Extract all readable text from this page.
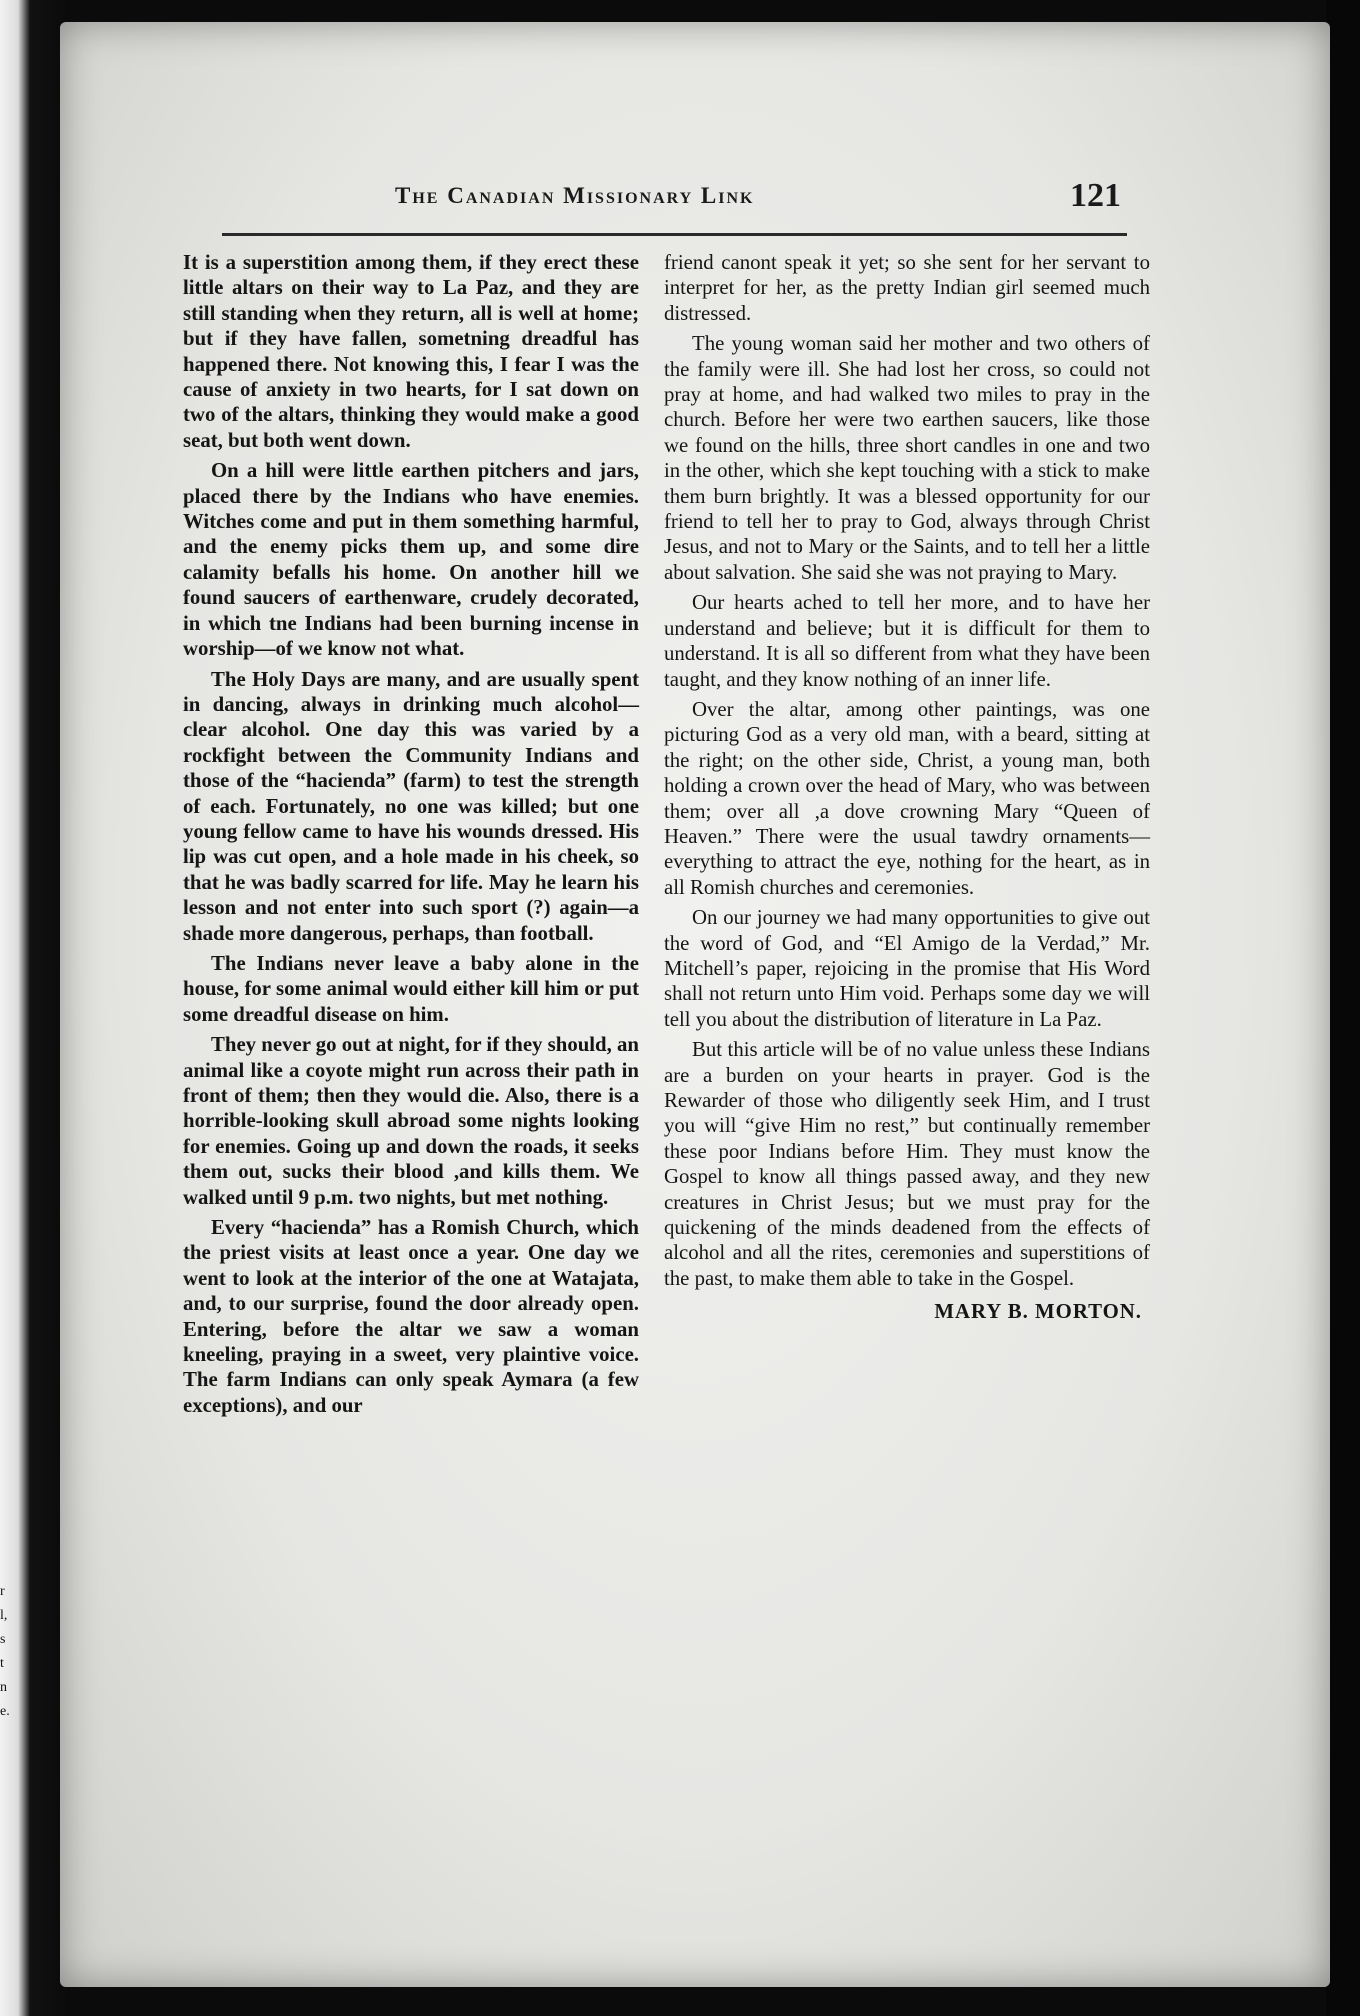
r
l,
s
t
n
e.
The Canadian Missionary Link	121

It is a superstition among them, if they erect these little altars on their way to La Paz, and they are still standing when they return, all is well at home; but if they have fallen, sometning dreadful has happened there. Not knowing this, I fear I was the cause of anxiety in two hearts, for I sat down on two of the altars, thinking they would make a good seat, but both went down.

On a hill were little earthen pitchers and jars, placed there by the Indians who have enemies. Witches come and put in them something harmful, and the enemy picks them up, and some dire calamity befalls his home. On another hill we found saucers of earthenware, crudely decorated, in which tne Indians had been burning incense in worship—of we know not what.

The Holy Days are many, and are usually spent in dancing, always in drinking much alcohol—clear alcohol. One day this was varied by a rockfight between the Community Indians and those of the “hacienda” (farm) to test the strength of each. Fortunately, no one was killed; but one young fellow came to have his wounds dressed. His lip was cut open, and a hole made in his cheek, so that he was badly scarred for life. May he learn his lesson and not enter into such sport (?) again—a shade more dangerous, perhaps, than football.

The Indians never leave a baby alone in the house, for some animal would either kill him or put some dreadful disease on him.

They never go out at night, for if they should, an animal like a coyote might run across their path in front of them; then they would die. Also, there is a horrible-looking skull abroad some nights looking for enemies. Going up and down the roads, it seeks them out, sucks their blood ,and kills them. We walked until 9 p.m. two nights, but met nothing.

Every “hacienda” has a Romish Church, which the priest visits at least once a year. One day we went to look at the interior of the one at Watajata, and, to our surprise, found the door already open. Entering, before the altar we saw a woman kneeling, praying in a sweet, very plaintive voice. The farm Indians can only speak Aymara (a few exceptions), and our

friend canont speak it yet; so she sent for her servant to interpret for her, as the pretty Indian girl seemed much distressed.

The young woman said her mother and two others of the family were ill. She had lost her cross, so could not pray at home, and had walked two miles to pray in the church. Before her were two earthen saucers, like those we found on the hills, three short candles in one and two in the other, which she kept touching with a stick to make them burn brightly. It was a blessed opportunity for our friend to tell her to pray to God, always through Christ Jesus, and not to Mary or the Saints, and to tell her a little about salvation. She said she was not praying to Mary.

Our hearts ached to tell her more, and to have her understand and believe; but it is difficult for them to understand. It is all so different from what they have been taught, and they know nothing of an inner life.

Over the altar, among other paintings, was one picturing God as a very old man, with a beard, sitting at the right; on the other side, Christ, a young man, both holding a crown over the head of Mary, who was between them; over all ,a dove crowning Mary “Queen of Heaven.” There were the usual tawdry ornaments—everything to attract the eye, nothing for the heart, as in all Romish churches and ceremonies.

On our journey we had many opportunities to give out the word of God, and “El Amigo de la Verdad,” Mr. Mitchell’s paper, rejoicing in the promise that His Word shall not return unto Him void. Perhaps some day we will tell you about the distribution of literature in La Paz.

But this article will be of no value unless these Indians are a burden on your hearts in prayer. God is the Rewarder of those who diligently seek Him, and I trust you will “give Him no rest,” but continually remember these poor Indians before Him. They must know the Gospel to know all things passed away, and they new creatures in Christ Jesus; but we must pray for the quickening of the minds deadened from the effects of alcohol and all the rites, ceremonies and superstitions of the past, to make them able to take in the Gospel.

MARY B. MORTON.
